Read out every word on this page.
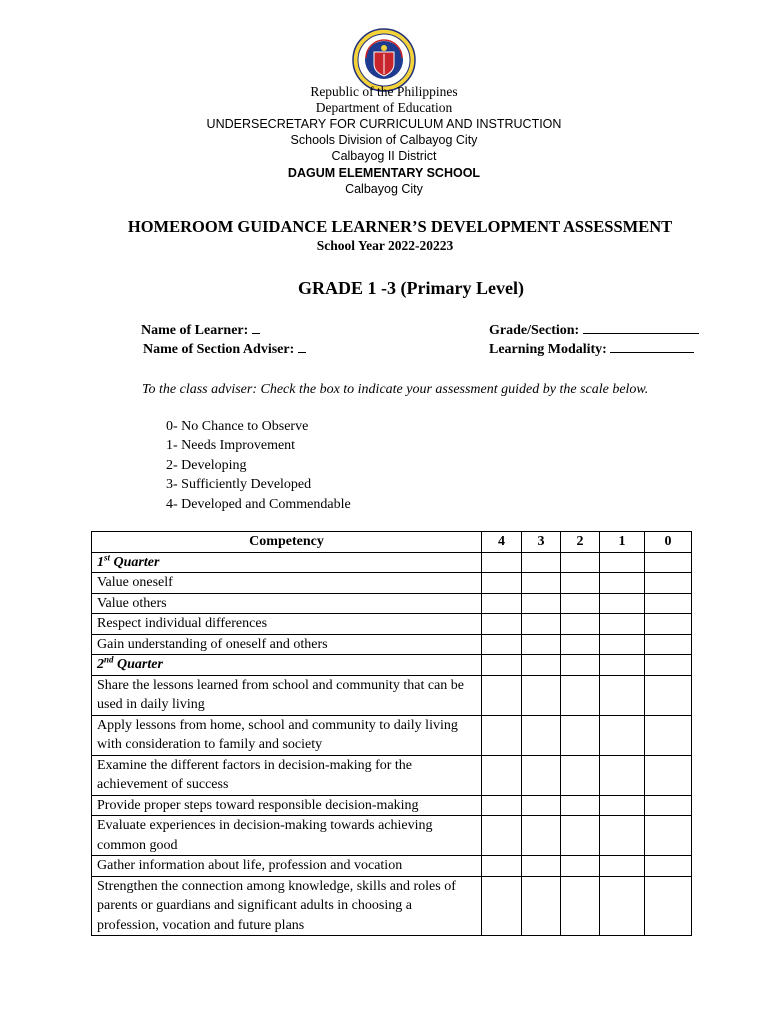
Republic of the Philippines
Department of Education
UNDERSECRETARY FOR CURRICULUM AND INSTRUCTION
Schools Division of Calbayog City
Calbayog II District
DAGUM ELEMENTARY SCHOOL
Calbayog City
HOMEROOM GUIDANCE LEARNER’S DEVELOPMENT ASSESSMENT
School Year 2022-20223
GRADE 1 -3 (Primary Level)
Name of Learner:
Name of Section Adviser:
Grade/Section:
Learning Modality:
To the class adviser: Check the box to indicate your assessment guided by the scale below.
0- No Chance to Observe
1- Needs Improvement
2- Developing
3- Sufficiently Developed
4- Developed and Commendable
Competency	4	3	2	1	0
1st Quarter					
Value oneself					
Value others					
Respect individual differences					
Gain understanding of oneself and others					
2nd Quarter					
Share the lessons learned from school and community that can be used in daily living					
Apply lessons from home, school and community to daily living with consideration to family and society					
Examine the different factors in decision-making for the achievement of success					
Provide proper steps toward responsible decision-making					
Evaluate experiences in decision-making towards achieving common good					
Gather information about life, profession and vocation					
Strengthen the connection among knowledge, skills and roles of parents or guardians and significant adults in choosing a profession, vocation and future plans					
